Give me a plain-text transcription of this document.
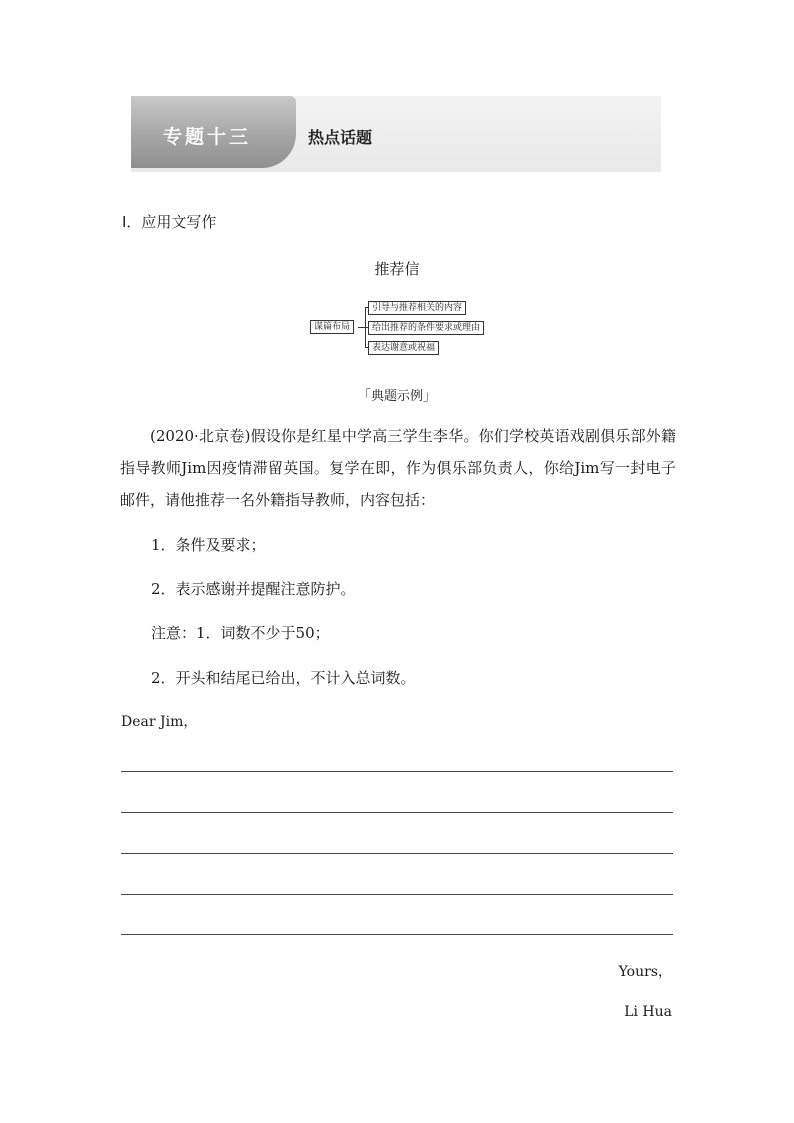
专题十三	热点话题
Ⅰ．应用文写作
推荐信
谋篇布局
引导与推荐相关的内容
给出推荐的条件要求或理由
表达谢意或祝福
「典题示例」
(2020·北京卷)假设你是红星中学高三学生李华。你们学校英语戏剧俱乐部外籍指导教师Jim因疫情滞留英国。复学在即，作为俱乐部负责人，你给Jim写一封电子邮件，请他推荐一名外籍指导教师，内容包括：
1．条件及要求；
2．表示感谢并提醒注意防护。
注意：1．词数不少于50；
2．开头和结尾已给出，不计入总词数。
Dear Jim，
Yours，
Li Hua
